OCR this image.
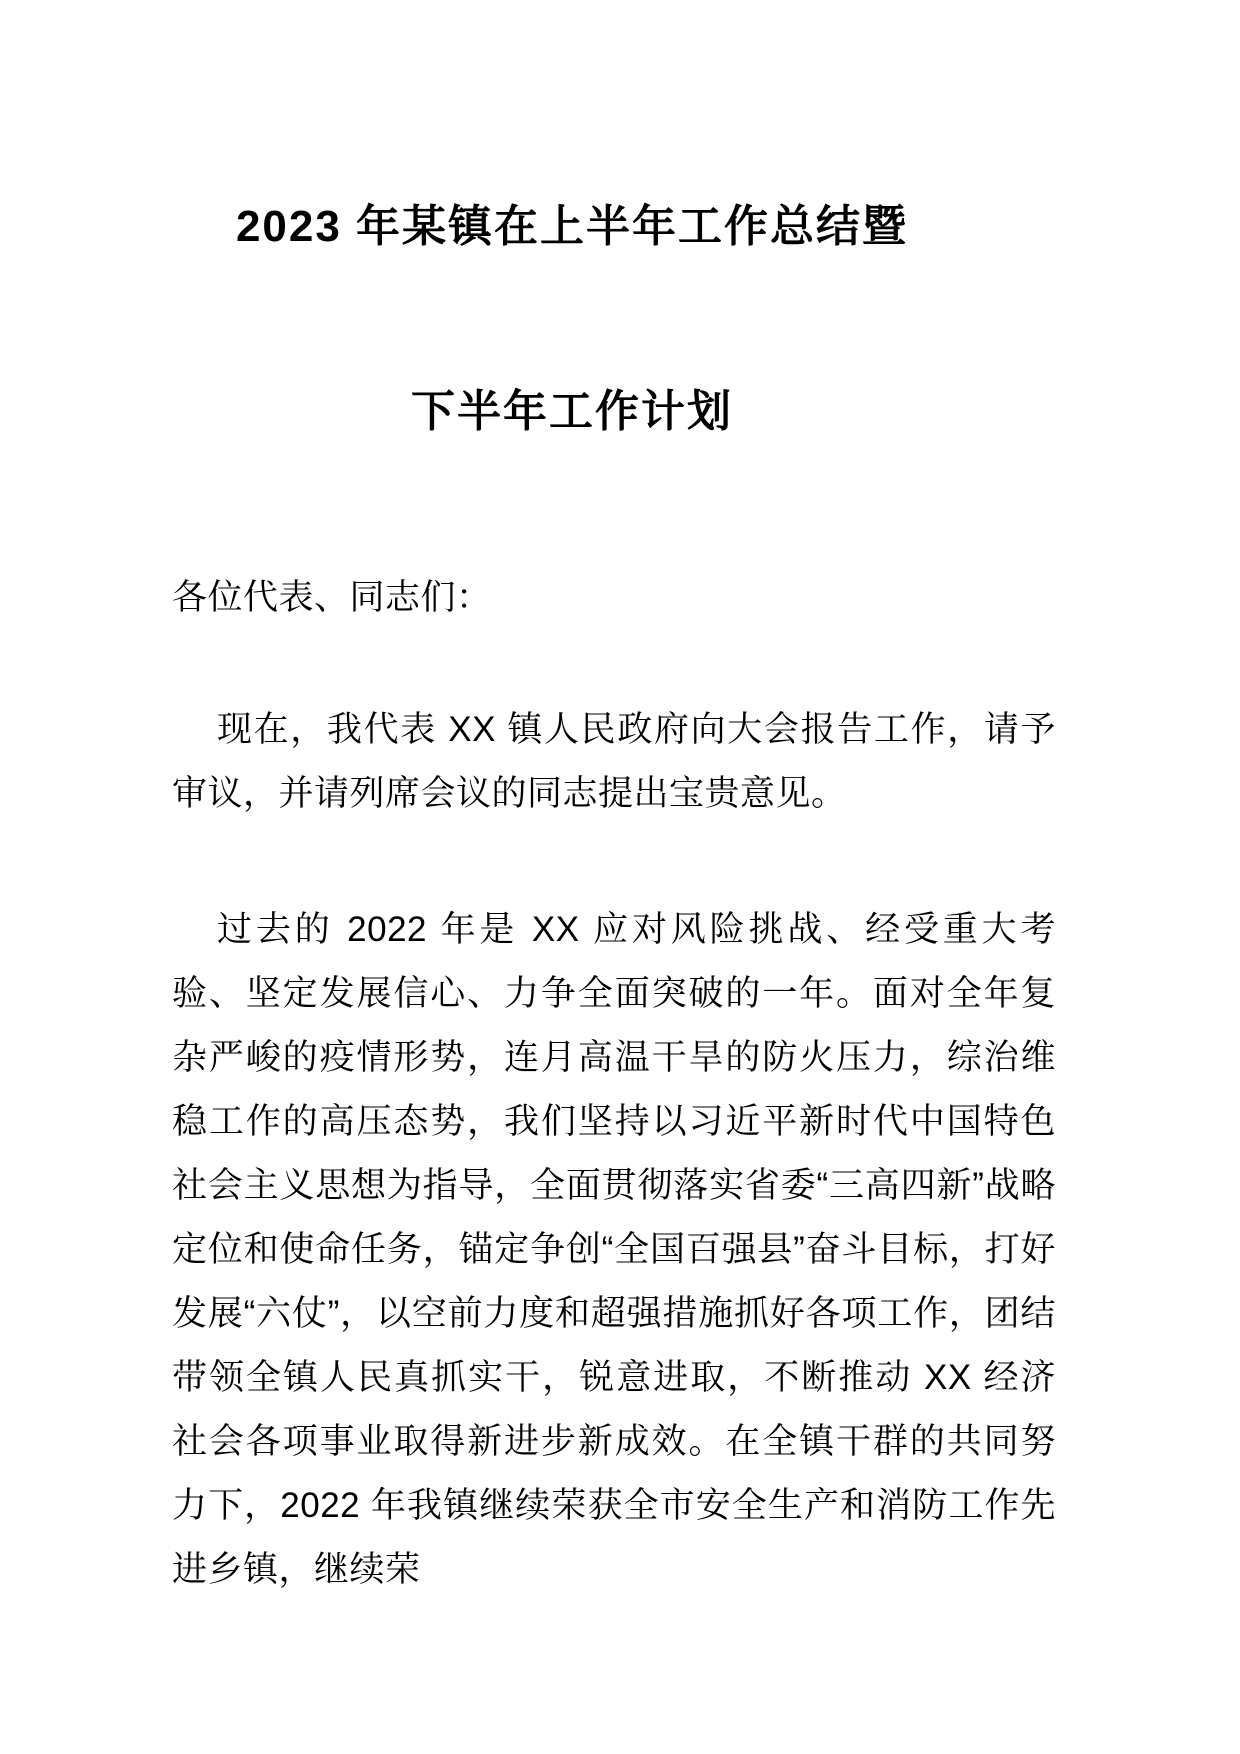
2023 年某镇在上半年工作总结暨
下半年工作计划
各位代表、同志们：
现在，我代表 XX 镇人民政府向大会报告工作，请予审议，并请列席会议的同志提出宝贵意见。
过去的 2022 年是 XX 应对风险挑战、经受重大考验、坚定发展信心、力争全面突破的一年。面对全年复杂严峻的疫情形势，连月高温干旱的防火压力，综治维稳工作的高压态势，我们坚持以习近平新时代中国特色社会主义思想为指导，全面贯彻落实省委“三高四新”战略定位和使命任务，锚定争创“全国百强县”奋斗目标，打好发展“六仗”，以空前力度和超强措施抓好各项工作，团结带领全镇人民真抓实干，锐意进取，不断推动 XX 经济社会各项事业取得新进步新成效。在全镇干群的共同努力下，2022 年我镇继续荣获全市安全生产和消防工作先进乡镇，继续荣
